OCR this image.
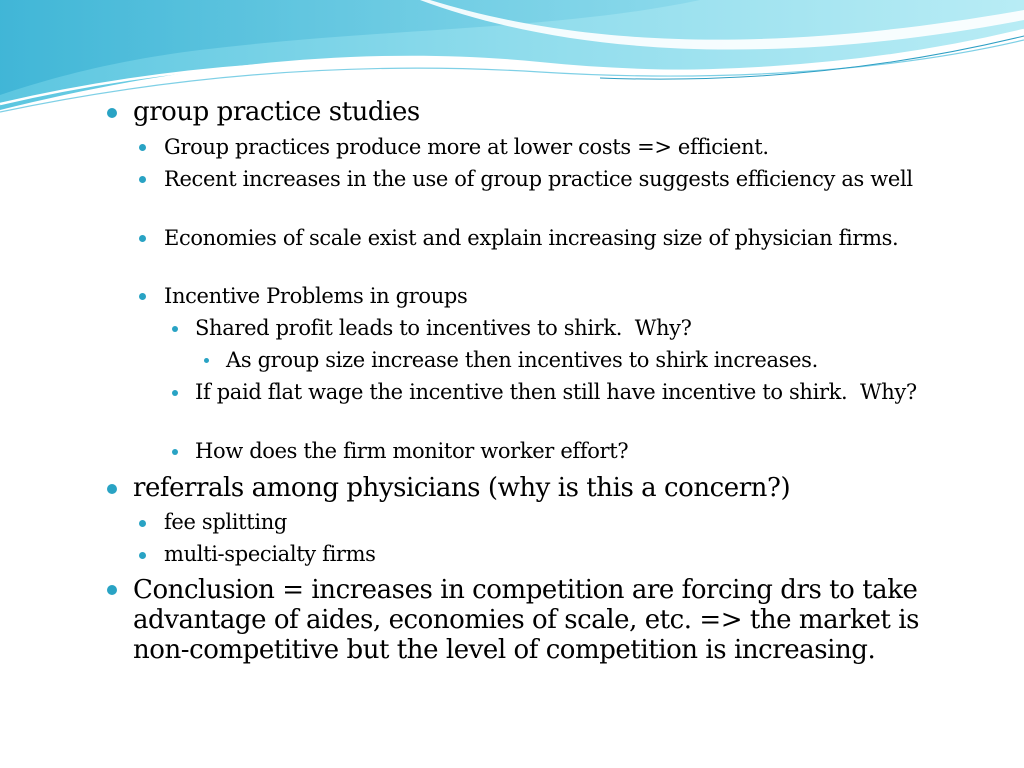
group practice studies

Group practices produce more at lower costs => efficient.

Recent increases in the use of group practice suggests efficiency as well

Economies of scale exist and explain increasing size of physician firms.

Incentive Problems in groups

Shared profit leads to incentives to shirk.  Why?

As group size increase then incentives to shirk increases.

If paid flat wage the incentive then still have incentive to shirk.  Why?

How does the firm monitor worker effort?

referrals among physicians (why is this a concern?)

fee splitting

multi-specialty firms

Conclusion = increases in competition are forcing drs to take advantage of aides, economies of scale, etc. => the market is non-competitive but the level of competition is increasing.
